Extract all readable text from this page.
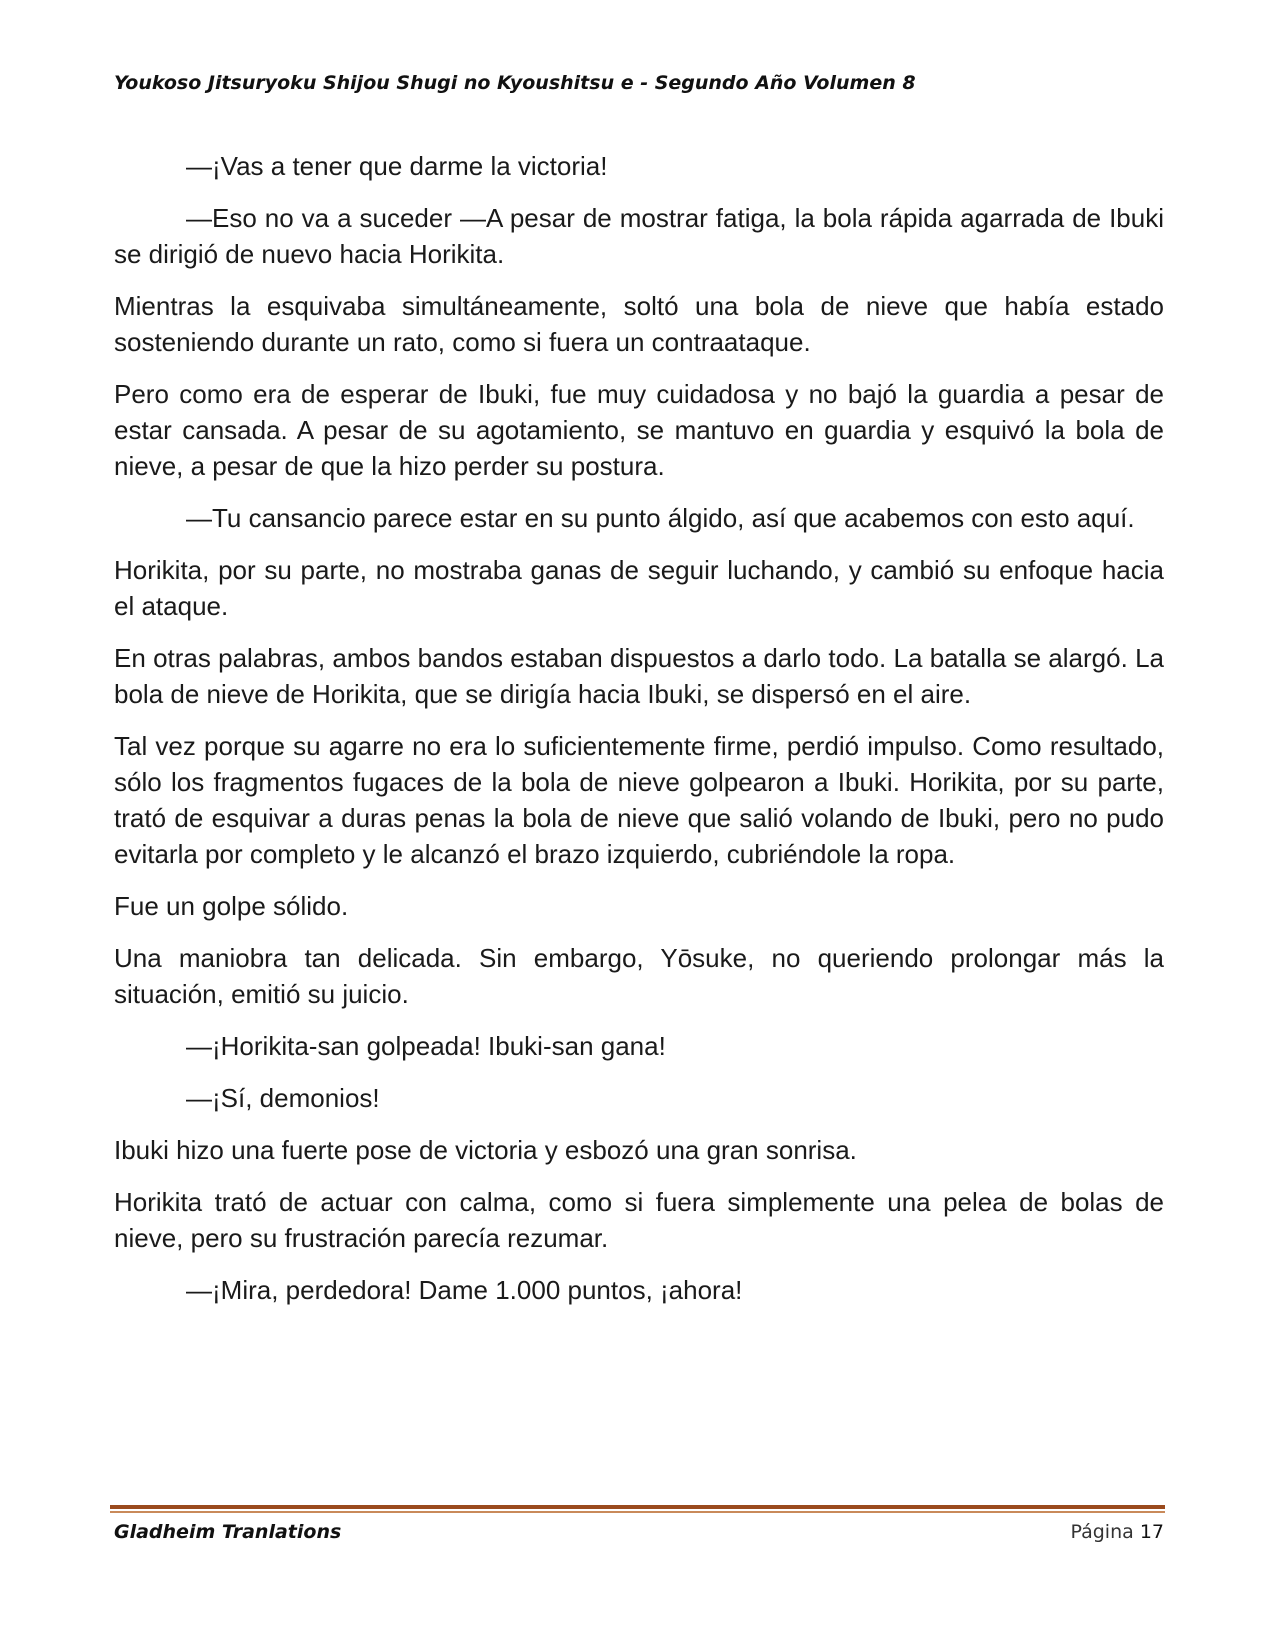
Youkoso Jitsuryoku Shijou Shugi no Kyoushitsu e - Segundo Año Volumen 8

—¡Vas a tener que darme la victoria!

—Eso no va a suceder —A pesar de mostrar fatiga, la bola rápida agarrada de Ibuki se dirigió de nuevo hacia Horikita.

Mientras la esquivaba simultáneamente, soltó una bola de nieve que había estado sosteniendo durante un rato, como si fuera un contraataque.

Pero como era de esperar de Ibuki, fue muy cuidadosa y no bajó la guardia a pesar de estar cansada. A pesar de su agotamiento, se mantuvo en guardia y esquivó la bola de nieve, a pesar de que la hizo perder su postura.

—Tu cansancio parece estar en su punto álgido, así que acabemos con esto aquí.

Horikita, por su parte, no mostraba ganas de seguir luchando, y cambió su enfoque hacia el ataque.

En otras palabras, ambos bandos estaban dispuestos a darlo todo. La batalla se alargó. La bola de nieve de Horikita, que se dirigía hacia Ibuki, se dispersó en el aire.

Tal vez porque su agarre no era lo suficientemente firme, perdió impulso. Como resultado, sólo los fragmentos fugaces de la bola de nieve golpearon a Ibuki. Horikita, por su parte, trató de esquivar a duras penas la bola de nieve que salió volando de Ibuki, pero no pudo evitarla por completo y le alcanzó el brazo izquierdo, cubriéndole la ropa.

Fue un golpe sólido.

Una maniobra tan delicada. Sin embargo, Yōsuke, no queriendo prolongar más la situación, emitió su juicio.

—¡Horikita-san golpeada! Ibuki-san gana!

—¡Sí, demonios!

Ibuki hizo una fuerte pose de victoria y esbozó una gran sonrisa.

Horikita trató de actuar con calma, como si fuera simplemente una pelea de bolas de nieve, pero su frustración parecía rezumar.

—¡Mira, perdedora! Dame 1.000 puntos, ¡ahora!

Gladheim Tranlations	Página 17
